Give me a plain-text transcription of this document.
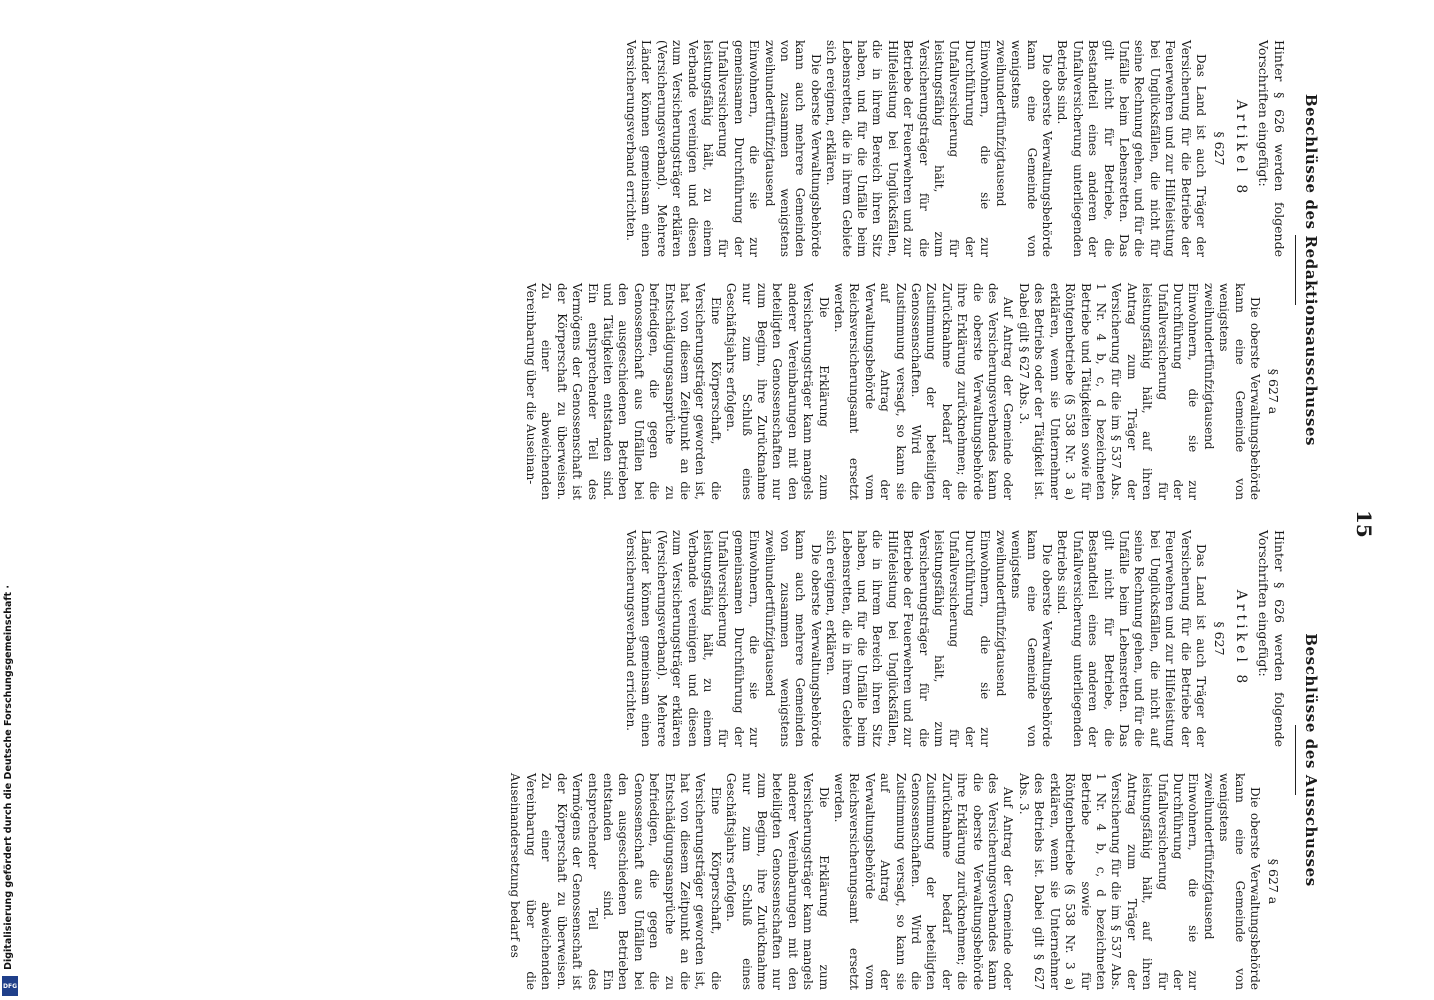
Digitalisierung gefördert durch die Deutsche Forschungsgemeinschaft ·
DFG
15
Beschlüsse des Redaktionsausschusses

Hinter § 626 werden folgende Vorschriften eingefügt:

Artikel 8
§ 627

Das Land ist auch Träger der Versicherung für die Betriebe der Feuerwehren und zur Hilfeleistung bei Unglücksfällen, die nicht für seine Rechnung gehen, und für die Unfälle beim Lebensretten. Das gilt nicht für Betriebe, die Bestandteil eines anderen der Unfallversicherung unterliegenden Betriebs sind.

Die oberste Verwaltungsbehörde kann eine Gemeinde von wenigstens zweihundertfünfzigtausend Einwohnern, die sie zur Durchführung der Unfallversicherung für leistungsfähig hält, zum Versicherungsträger für die Betriebe der Feuerwehren und zur Hilfeleistung bei Unglücksfällen, die in ihrem Bereich ihren Sitz haben, und für die Unfälle beim Lebensretten, die in ihrem Gebiete sich ereignen, erklären.

Die oberste Verwaltungsbehörde kann auch mehrere Gemeinden von zusammen wenigstens zweihundertfünfzigtausend Einwohnern, die sie zur gemeinsamen Durchführung der Unfallversicherung für leistungsfähig hält, zu einem Verbande vereinigen und diesen zum Versicherungsträger erklären (Versicherungsverband). Mehrere Länder können gemeinsam einen Versicherungsverband errichten.

§ 627 a

Die oberste Verwaltungsbehörde kann eine Gemeinde von wenigstens zweihundertfünfzigtausend Einwohnern, die sie zur Durchführung der Unfallversicherung für leistungsfähig hält, auf ihren Antrag zum Träger der Versicherung für die im § 537 Abs. 1 Nr. 4 b, c, d bezeichneten Betriebe und Tätigkeiten sowie für Röntgenbetriebe (§ 538 Nr. 3 a) erklären, wenn sie Unternehmer des Betriebs oder der Tätigkeit ist. Dabei gilt § 627 Abs. 3.

Auf Antrag der Gemeinde oder des Versicherungsverbandes kann die oberste Verwaltungsbehörde ihre Erklärung zurücknehmen; die Zurücknahme bedarf der Zustimmung der beteiligten Genossenschaften. Wird die Zustimmung versagt, so kann sie auf Antrag der Verwaltungsbehörde vom Reichsversicherungsamt ersetzt werden.

Die Erklärung zum Versicherungsträger kann mangels anderer Vereinbarungen mit den beteiligten Genossenschaften nur zum Beginn, ihre Zurücknahme nur zum Schluß eines Geschäftsjahrs erfolgen.

Eine Körperschaft, die Versicherungsträger geworden ist, hat von diesem Zeitpunkt an die Entschädigungsansprüche zu befriedigen, die gegen die Genossenschaft aus Unfällen bei den ausgeschiedenen Betrieben und Tätigkeiten entstanden sind. Ein entsprechender Teil des Vermögens der Genossenschaft ist der Körperschaft zu überweisen. Zu einer abweichenden Vereinbarung über die Auseinan-

Beschlüsse des Ausschusses

Hinter § 626 werden folgende Vorschriften eingefügt:

Artikel 8
§ 627

Das Land ist auch Träger der Versicherung für die Betriebe der Feuerwehren und zur Hilfeleistung bei Unglücksfällen, die nicht auf seine Rechnung gehen, und für die Unfälle beim Lebensretten. Das gilt nicht für Betriebe, die Bestandteil eines anderen der Unfallversicherung unterliegenden Betriebs sind.

Die oberste Verwaltungsbehörde kann eine Gemeinde von wenigstens zweihundertfünfzigtausend Einwohnern, die sie zur Durchführung der Unfallversicherung für leistungsfähig hält, zum Versicherungsträger für die Betriebe der Feuerwehren und zur Hilfeleistung bei Unglücksfällen, die in ihrem Bereich ihren Sitz haben, und für die Unfälle beim Lebensretten, die in ihrem Gebiete sich ereignen, erklären.

Die oberste Verwaltungsbehörde kann auch mehrere Gemeinden von zusammen wenigstens zweihundertfünfzigtausend Einwohnern, die sie zur gemeinsamen Durchführung der Unfallversicherung für leistungsfähig hält, zu einem Verbande vereinigen und diesen zum Versicherungsträger erklären (Versicherungsverband). Mehrere Länder können gemeinsam einen Versicherungsverband errichten.

§ 627 a

Die oberste Verwaltungsbehörde kann eine Gemeinde von wenigstens zweihundertfünfzigtausend Einwohnern, die sie zur Durchführung der Unfallversicherung für leistungsfähig hält, auf ihren Antrag zum Träger der Versicherung für die im § 537 Abs. 1 Nr. 4 b, c, d bezeichneten Betriebe sowie für Röntgenbetriebe (§ 538 Nr. 3 a) erklären, wenn sie Unternehmer des Betriebs ist. Dabei gilt § 627 Abs. 3.

Auf Antrag der Gemeinde oder des Versicherungsverbandes kann die oberste Verwaltungsbehörde ihre Erklärung zurücknehmen; die Zurücknahme bedarf der Zustimmung der beteiligten Genossenschaften. Wird die Zustimmung versagt, so kann sie auf Antrag der Verwaltungsbehörde vom Reichsversicherungsamt ersetzt werden.

Die Erklärung zum Versicherungsträger kann mangels anderer Vereinbarungen mit den beteiligten Genossenschaften nur zum Beginn, ihre Zurücknahme nur zum Schluß eines Geschäftsjahrs erfolgen.

Eine Körperschaft, die Versicherungsträger geworden ist, hat von diesem Zeitpunkt an die Entschädigungsansprüche zu befriedigen, die gegen die Genossenschaft aus Unfällen bei den ausgeschiedenen Betrieben entstanden sind. Ein entsprechender Teil des Vermögens der Genossenschaft ist der Körperschaft zu überweisen. Zu einer abweichenden Vereinbarung über die Auseinandersetzung bedarf es
